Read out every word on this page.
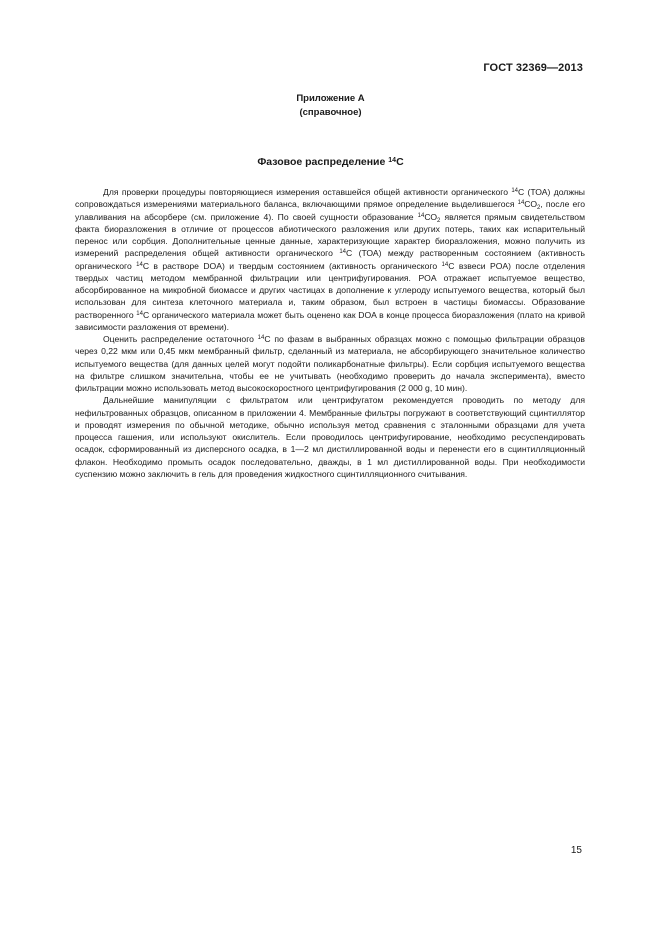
ГОСТ 32369—2013
Приложение А
(справочное)
Фазовое распределение $^{14}$C

Для проверки процедуры повторяющиеся измерения оставшейся общей активности органического $^{14}$С (ТОА) должны сопровождаться измерениями материального баланса, включающими прямое определение выделившегося $^{14}СО_2$, после его улавливания на абсорбере (см. приложение 4). По своей сущности образование $^{14}СО_2$ является прямым свидетельством факта биоразложения в отличие от процессов абиотического разложения или других потерь, таких как испарительный перенос или сорбция. Дополнительные ценные данные, характеризующие характер биоразложения, можно получить из измерений распределения общей активности органического $^{14}$С (ТОА) между растворенным состоянием (активность органического $^{14}$С в растворе DOA) и твердым состоянием (активность органического $^{14}$С взвеси POA) после отделения твердых частиц методом мембранной фильтрации или центрифугирования. POA отражает испытуемое вещество, абсорбированное на микробной биомассе и других частицах в дополнение к углероду испытуемого вещества, который был использован для синтеза клеточного материала и, таким образом, был встроен в частицы биомассы. Образование растворенного $^{14}$С органического материала может быть оценено как DOA в конце процесса биоразложения (плато на кривой зависимости разложения от времени).

Оценить распределение остаточного $^{14}$С по фазам в выбранных образцах можно с помощью фильтрации образцов через 0,22 мкм или 0,45 мкм мембранный фильтр, сделанный из материала, не абсорбирующего значительное количество испытуемого вещества (для данных целей могут подойти поликарбонатные фильтры). Если сорбция испытуемого вещества на фильтре слишком значительна, чтобы ее не учитывать (необходимо проверить до начала эксперимента), вместо фильтрации можно использовать метод высокоскоростного центрифугирования (2 000 g, 10 мин).

Дальнейшие манипуляции с фильтратом или центрифугатом рекомендуется проводить по методу для нефильтрованных образцов, описанном в приложении 4. Мембранные фильтры погружают в соответствующий сцинтиллятор и проводят измерения по обычной методике, обычно используя метод сравнения с эталонными образцами для учета процесса гашения, или используют окислитель. Если проводилось центрифугирование, необходимо ресуспендировать осадок, сформированный из дисперсного осадка, в 1—2 мл дистиллированной воды и перенести его в сцинтилляционный флакон. Необходимо промыть осадок последовательно, дважды, в 1 мл дистиллированной воды. При необходимости суспензию можно заключить в гель для проведения жидкостного сцинтилляционного считывания.

15
